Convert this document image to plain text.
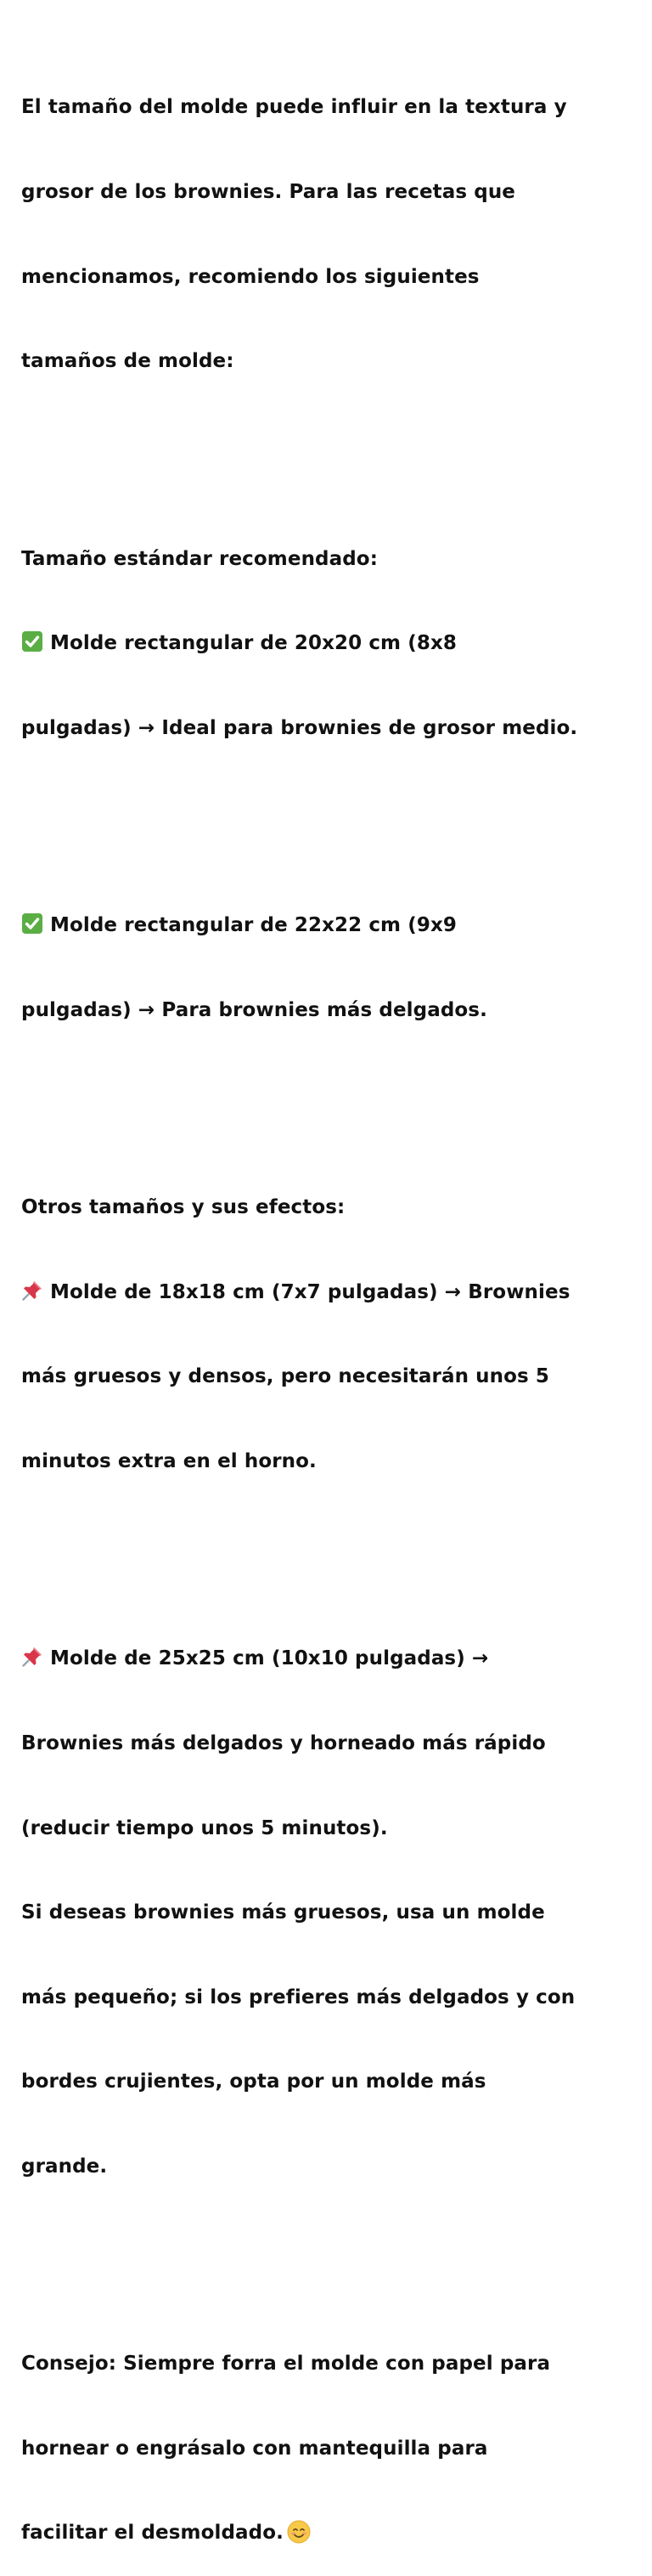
El tamaño del molde puede influir en la textura y

grosor de los brownies. Para las recetas que

mencionamos, recomiendo los siguientes

tamaños de molde:

Tamaño estándar recomendado:

Molde rectangular de 20x20 cm (8x8

pulgadas) → Ideal para brownies de grosor medio.

Molde rectangular de 22x22 cm (9x9

pulgadas) → Para brownies más delgados.

Otros tamaños y sus efectos:

Molde de 18x18 cm (7x7 pulgadas) → Brownies

más gruesos y densos, pero necesitarán unos 5

minutos extra en el horno.

Molde de 25x25 cm (10x10 pulgadas) →

Brownies más delgados y horneado más rápido

(reducir tiempo unos 5 minutos).

Si deseas brownies más gruesos, usa un molde

más pequeño; si los prefieres más delgados y con

bordes crujientes, opta por un molde más

grande.

Consejo: Siempre forra el molde con papel para

hornear o engrásalo con mantequilla para

facilitar el desmoldado.
